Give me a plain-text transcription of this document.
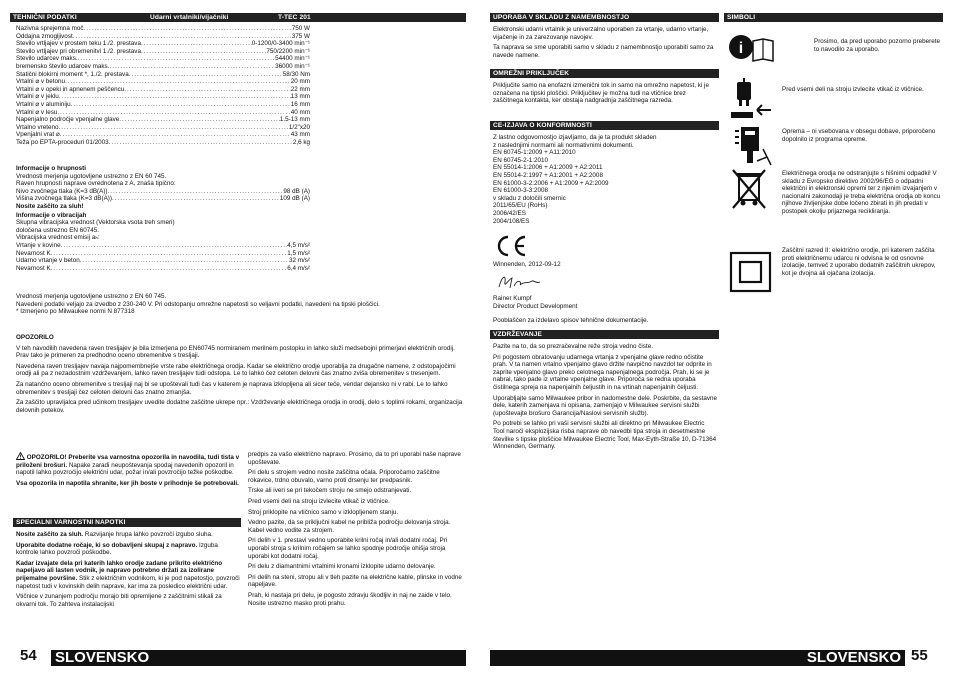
TEHNIČNI PODATKI	Udarni vrtalniki/vijačniki	T-TEC 201
Nazivna sprejemna moč .....	750 W
Oddajna zmogljivost .....	375 W
Število vrtljajev v prostem teku 1./2. prestava .....	0-1200/0-3400 min⁻¹
Število vrtljajev pri obremenitvi 1./2. prestava .....	750/2200 min⁻¹
Število udarcev maks. .....	54400 min⁻¹
bremensko število udarcev maks. .....	36000 min⁻¹
Statični blokirni moment *, 1./2. prestava .....	58/30 Nm
Vrtalni ⌀ v betonu .....	20 mm
Vrtalni ⌀ v opeki in apnenem peščencu .....	22 mm
Vrtalni ⌀ v jeklu .....	13 mm
Vrtalni ⌀ v aluminiju .....	16 mm
Vrtalni ⌀ v lesu .....	40 mm
Napenjalno področje vpenjalne glave .....	1.5-13 mm
Vrtalno vreteno .....	1/2"x20
Vpenjalni vrat ⌀ .....	43 mm
Teža po EPTA-proceduri 01/2003 .....	2,6 kg
Informacije o hrupnosti
Vrednosti merjenja ugotovljene ustrezno z EN 60 745.
Raven hrupnosti naprave ovrednotena z A, znaša tipično:
Nivo zvočnega tlaka (K=3 dB(A)) .....	98 dB (A)
Višina zvočnega tlaka (K=3 dB(A)) .....	109 dB (A)
Nosite zaščito za sluh!
Informacije o vibracijah
Skupna vibracijska vrednost (Vektorska vsota treh smeri)
določena ustrezno EN 60745.
Vibracijska vrednost emisij aₕ:
Vrtanje v kovine .....	4,5 m/s²
Nevarnost K .....	1,5 m/s²
Udarno vrtanje v beton .....	32 m/s²
Nevarnost K .....	6,4 m/s²
Vrednosti merjenja ugotovljene ustrezno z EN 60 745.
Navedeni podatki veljajo za izvedbo z 230-240 V. Pri odstopanju omrežne napetosti so veljavni podatki, navedeni na tipski ploščici.
* Izmerjeno po Milwaukee normi N 877318

OPOZORILO

V teh navodilih navedena raven tresljajev je bila izmerjena po EN60745 normiranem merilnem postopku in lahko služi medsebojni primerjavi električnih orodij. Prav tako je primeren za predhodno oceno obremenitve s tresljaji.

Navedena raven tresljajev navaja najpomembnejše vrste rabe električnega orodja. Kadar se električno orodje uporablja za drugačne namene, z odstopajočimi orodji ali pa z nezadostnim vzdrževanjem, lahko raven tresljajev tudi odstopa. Le to lahko čez celoten delovni čas znatno zviša obremenitev s tresenjem.

Za natančno oceno obremenitve s tresljaji naj bi se upoštevali tudi čas v katerem je naprava izklopljena ali sicer teče, vendar dejansko ni v rabi. Le to lahko obremenitev s tresljaji čez celoten delovni čas znatno zmanjša.

Za zaščito upravljalca pred učinkom tresljajev uvedite dodatne zaščitne ukrepe npr.: Vzdrževanje električnega orodja in orodij, delo s toplimi rokami, organizacija delovnih potekov.

OPOZORILO! Preberite vsa varnostna opozorila in navodila, tudi tista v priloženi brošuri. Napake zaradi neupoštevanja spodaj navedenih opozoril in napotil lahko povzročijo električni udar, požar in/ali povzročijo težke poškodbe.

Vsa opozorila in napotila shranite, ker jih boste v prihodnje še potrebovali.

SPECIALNI VARNOSTNI NAPOTKI

Nosite zaščito za sluh. Razvijanje hrupa lahko povzroči izgubo sluha.

Uporabite dodatne ročaje, ki so dobavljeni skupaj z napravo. Izguba kontrole lahko povzroči poškodbe.

Kadar izvajate dela pri katerih lahko orodje zadane prikrito električno napeljavo ali lasten vodnik, je napravo potrebno držati za izolirane prijemalne površine. Stik z električnim vodnikom, ki je pod napetostjo, povzroči napetost tudi v kovinskih delih naprave, kar ima za posledico električni udar.

Vtičnice v zunanjem področju morajo biti opremljene z zaščitnimi stikali za okvarni tok. To zahteva instalacijski

predpis za vašo električno napravo. Prosimo, da to pri uporabi naše naprave upoštevate.

Pri delu s strojem vedno nosite zaščitna očala. Priporočamo zaščitne rokavice, trdno obuvalo, varno proti drsenju ter predpasnik.

Trske ali iveri se pri tekočem stroju ne smejo odstranjevati.

Pred vsemi deli na stroju izvlecite vtikač iz vtičnice.

Stroj priklopite na vtičnico samo v izklopljenem stanju.

Vedno pazite, da se priključni kabel ne približa področju delovanja stroja. Kabel vedno vodite za strojem.

Pri delih v 1. prestavi vedno uporabite krilni ročaj in/ali dodatni ročaj. Pri uporabi stroja s krilnim ročajem se lahko spodnje področje ohišja stroja uporabi kot dodatni ročaj.

Pri delu z diamantnimi vrtalnimi kronami izklopite udarno delovanje.

Pri delih na steni, stropu ali v tleh pazite na električne kable, plinske in vodne napeljave.

Prah, ki nastaja pri delu, je pogosto zdravju škodljiv in naj ne zaide v telo. Nosite ustrezno masko proti prahu.

54 SLOVENSKO
UPORABA V SKLADU Z NAMEMBNOSTJO

Elektronski udarni vrtalnik je univerzalno uporaben za vrtanje, udarno vrtanje, vijačenje in za zarezovanje navojev.

Ta naprava se sme uporabiti samo v skladu z namembnostjo uporabiti samo za navede namene.

OMREŽNI PRIKLJUČEK

Priključite samo na enofazni izmenični tok in samo na omrežno napetost, ki je označena na tipski ploščici. Priključitev je možna tudi na vtičnice brez zaščitnega kontakta, ker obstaja nadgradnja zaščitnega razreda.

CE-IZJAVA O KONFORMNOSTI
Z lastno odgovornostjo izjavljamo, da je ta produkt skladen
z naslednjimi normami ali normativnimi dokumenti.
EN 60745-1:2009 + A11:2010
EN 60745-2-1:2010
EN 55014-1:2006 + A1:2009 + A2:2011
EN 55014-2:1997 + A1:2001 + A2:2008
EN 61000-3-2:2006 + A1:2009 + A2:2009
EN 61000-3-3:2008
v skladu z določili smernic
2011/65/EU (RoHs)
2006/42/ES
2004/108/ES
Winnenden, 2012-09-12
Rainer Kumpf
Director Product Development
Pooblaščen za izdelavo spisov tehnične dokumentacije.
VZDRŽEVANJE

Pazite na to, da so prezračevalne reže stroja vedno čiste.

Pri pogostem obratovanju udarnega vrtanja z vpenjalne glave redno očistite prah. V ta namen vrtalno vpenjalno glavo držite navpično navzdol ter odprite in zaprite vpenjalno glavo preko celotnega napenjalnega področja. Prah, ki se je nabral, tako pade iz vrtalne vpenjalne glave. Priporoča se redna uporaba čistilnega spreja na napenjalnih čeljustih in na vrtinah napenjalnih čeljusti.

Uporabljajte samo Milwaukee pribor in nadomestne dele. Poskrbite, da sestavne dele, katerih zamenjava ni opisana, zamenjajo v Milwaukee servisni službi (upoštevajte brošuro Garancija/Naslovi servisnih služb).

Po potrebi se lahko pri vaši servisni službi ali direktno pri Milwaukee Electric Tool naroči eksplozijska risba naprave ob navedbi tipa stroja in desetmestne številke s tipske ploščice Milwaukee Electric Tool, Max-Eyth-Straße 10, D-71364 Winnenden, Germany.

SIMBOLI
i	Prosimo, da pred uporabo pozorno preberete to navodilo za uporabo.
Pred vsemi deli na stroju izvlecite vtikač iz vtičnice.
Oprema – ni vsebovana v obsegu dobave, priporočeno dopolnilo iz programa opreme.
Električnega orodja ne odstranjujte s hišnimi odpadki! V skladu z Evropsko direktivo 2002/96/EG o odpadni električni in elektronski opremi ter z njenim izvajanjem v nacionalni zakonodaji je treba električna orodja ob koncu njihove življenjske dobe ločeno zbirati in jih predati v postopek okolju prijaznega recikliranja.
Zaščitni razred II: električno orodje, pri katerem zaščita proti električnemu udarcu ni odvisna le od osnovne izolacije, temveč z uporabo dodatnih zaščitnih ukrepov, kot je dvojna ali ojačana izolacija.
SLOVENSKO 55
